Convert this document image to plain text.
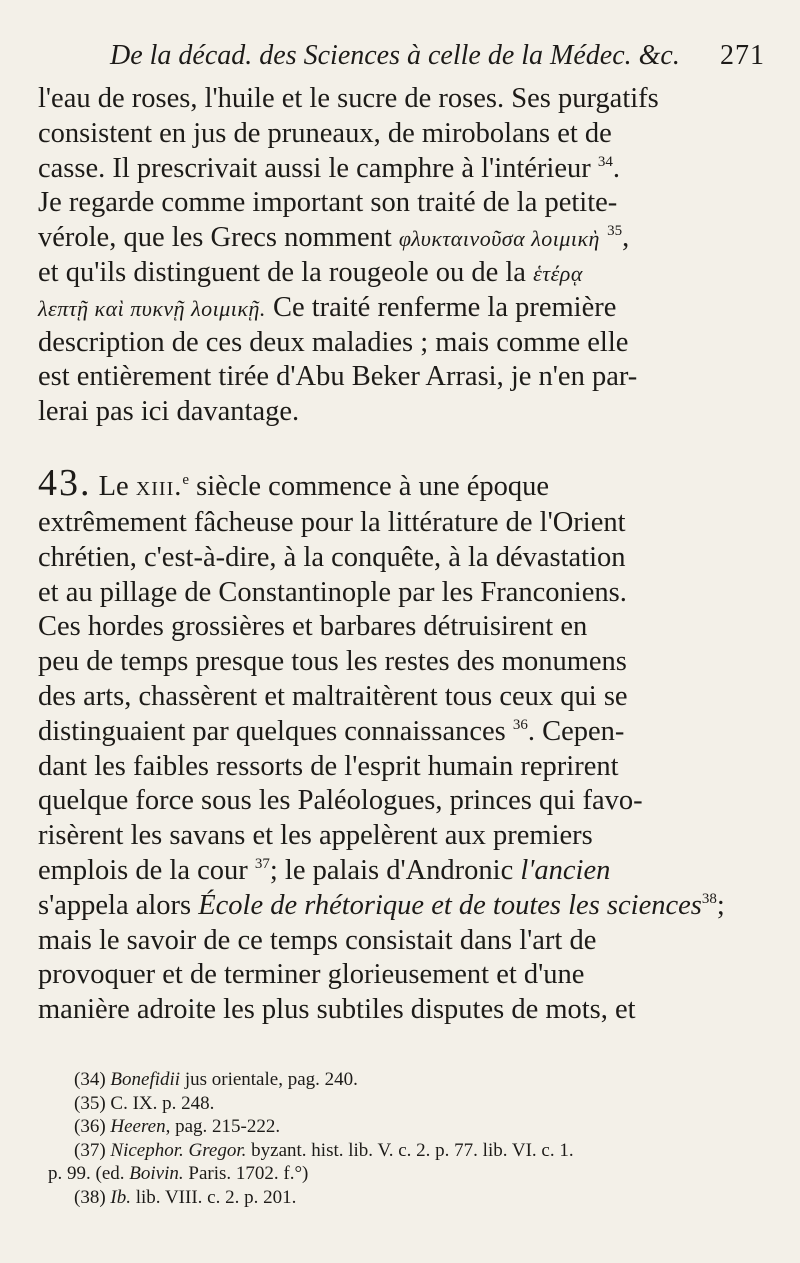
De la décad. des Sciences à celle de la Médec. &c. 271
l'eau de roses, l'huile et le sucre de roses. Ses purgatifs
consistent en jus de pruneaux, de mirobolans et de
casse. Il prescrivait aussi le camphre à l'intérieur $^{34}$.
Je regarde comme important son traité de la petite-
vérole, que les Grecs nomment φλυκταινοῦσα λοιμικὴ $^{35}$,
et qu'ils distinguent de la rougeole ou de la ἑτέρᾳ
λεπτῇ καὶ πυκνῇ λοιμικῇ. Ce traité renferme la première
description de ces deux maladies ; mais comme elle
est entièrement tirée d'Abu Beker Arrasi, je n'en par-
lerai pas ici davantage.
43. Le xiii.$^e$ siècle commence à une époque
extrêmement fâcheuse pour la littérature de l'Orient
chrétien, c'est-à-dire, à la conquête, à la dévastation
et au pillage de Constantinople par les Franconiens.
Ces hordes grossières et barbares détruisirent en
peu de temps presque tous les restes des monumens
des arts, chassèrent et maltraitèrent tous ceux qui se
distinguaient par quelques connaissances $^{36}$. Cepen-
dant les faibles ressorts de l'esprit humain reprirent
quelque force sous les Paléologues, princes qui favo-
risèrent les savans et les appelèrent aux premiers
emplois de la cour $^{37}$; le palais d'Andronic l'ancien
s'appela alors École de rhétorique et de toutes les sciences$^{38}$;
mais le savoir de ce temps consistait dans l'art de
provoquer et de terminer glorieusement et d'une
manière adroite les plus subtiles disputes de mots, et
(34) Bonefidii jus orientale, pag. 240.
(35) C. IX. p. 248.
(36) Heeren, pag. 215-222.
(37) Nicephor. Gregor. byzant. hist. lib. V. c. 2. p. 77. lib. VI. c. 1.
p. 99. (ed. Boivin. Paris. 1702. f.°)
(38) Ib. lib. VIII. c. 2. p. 201.
